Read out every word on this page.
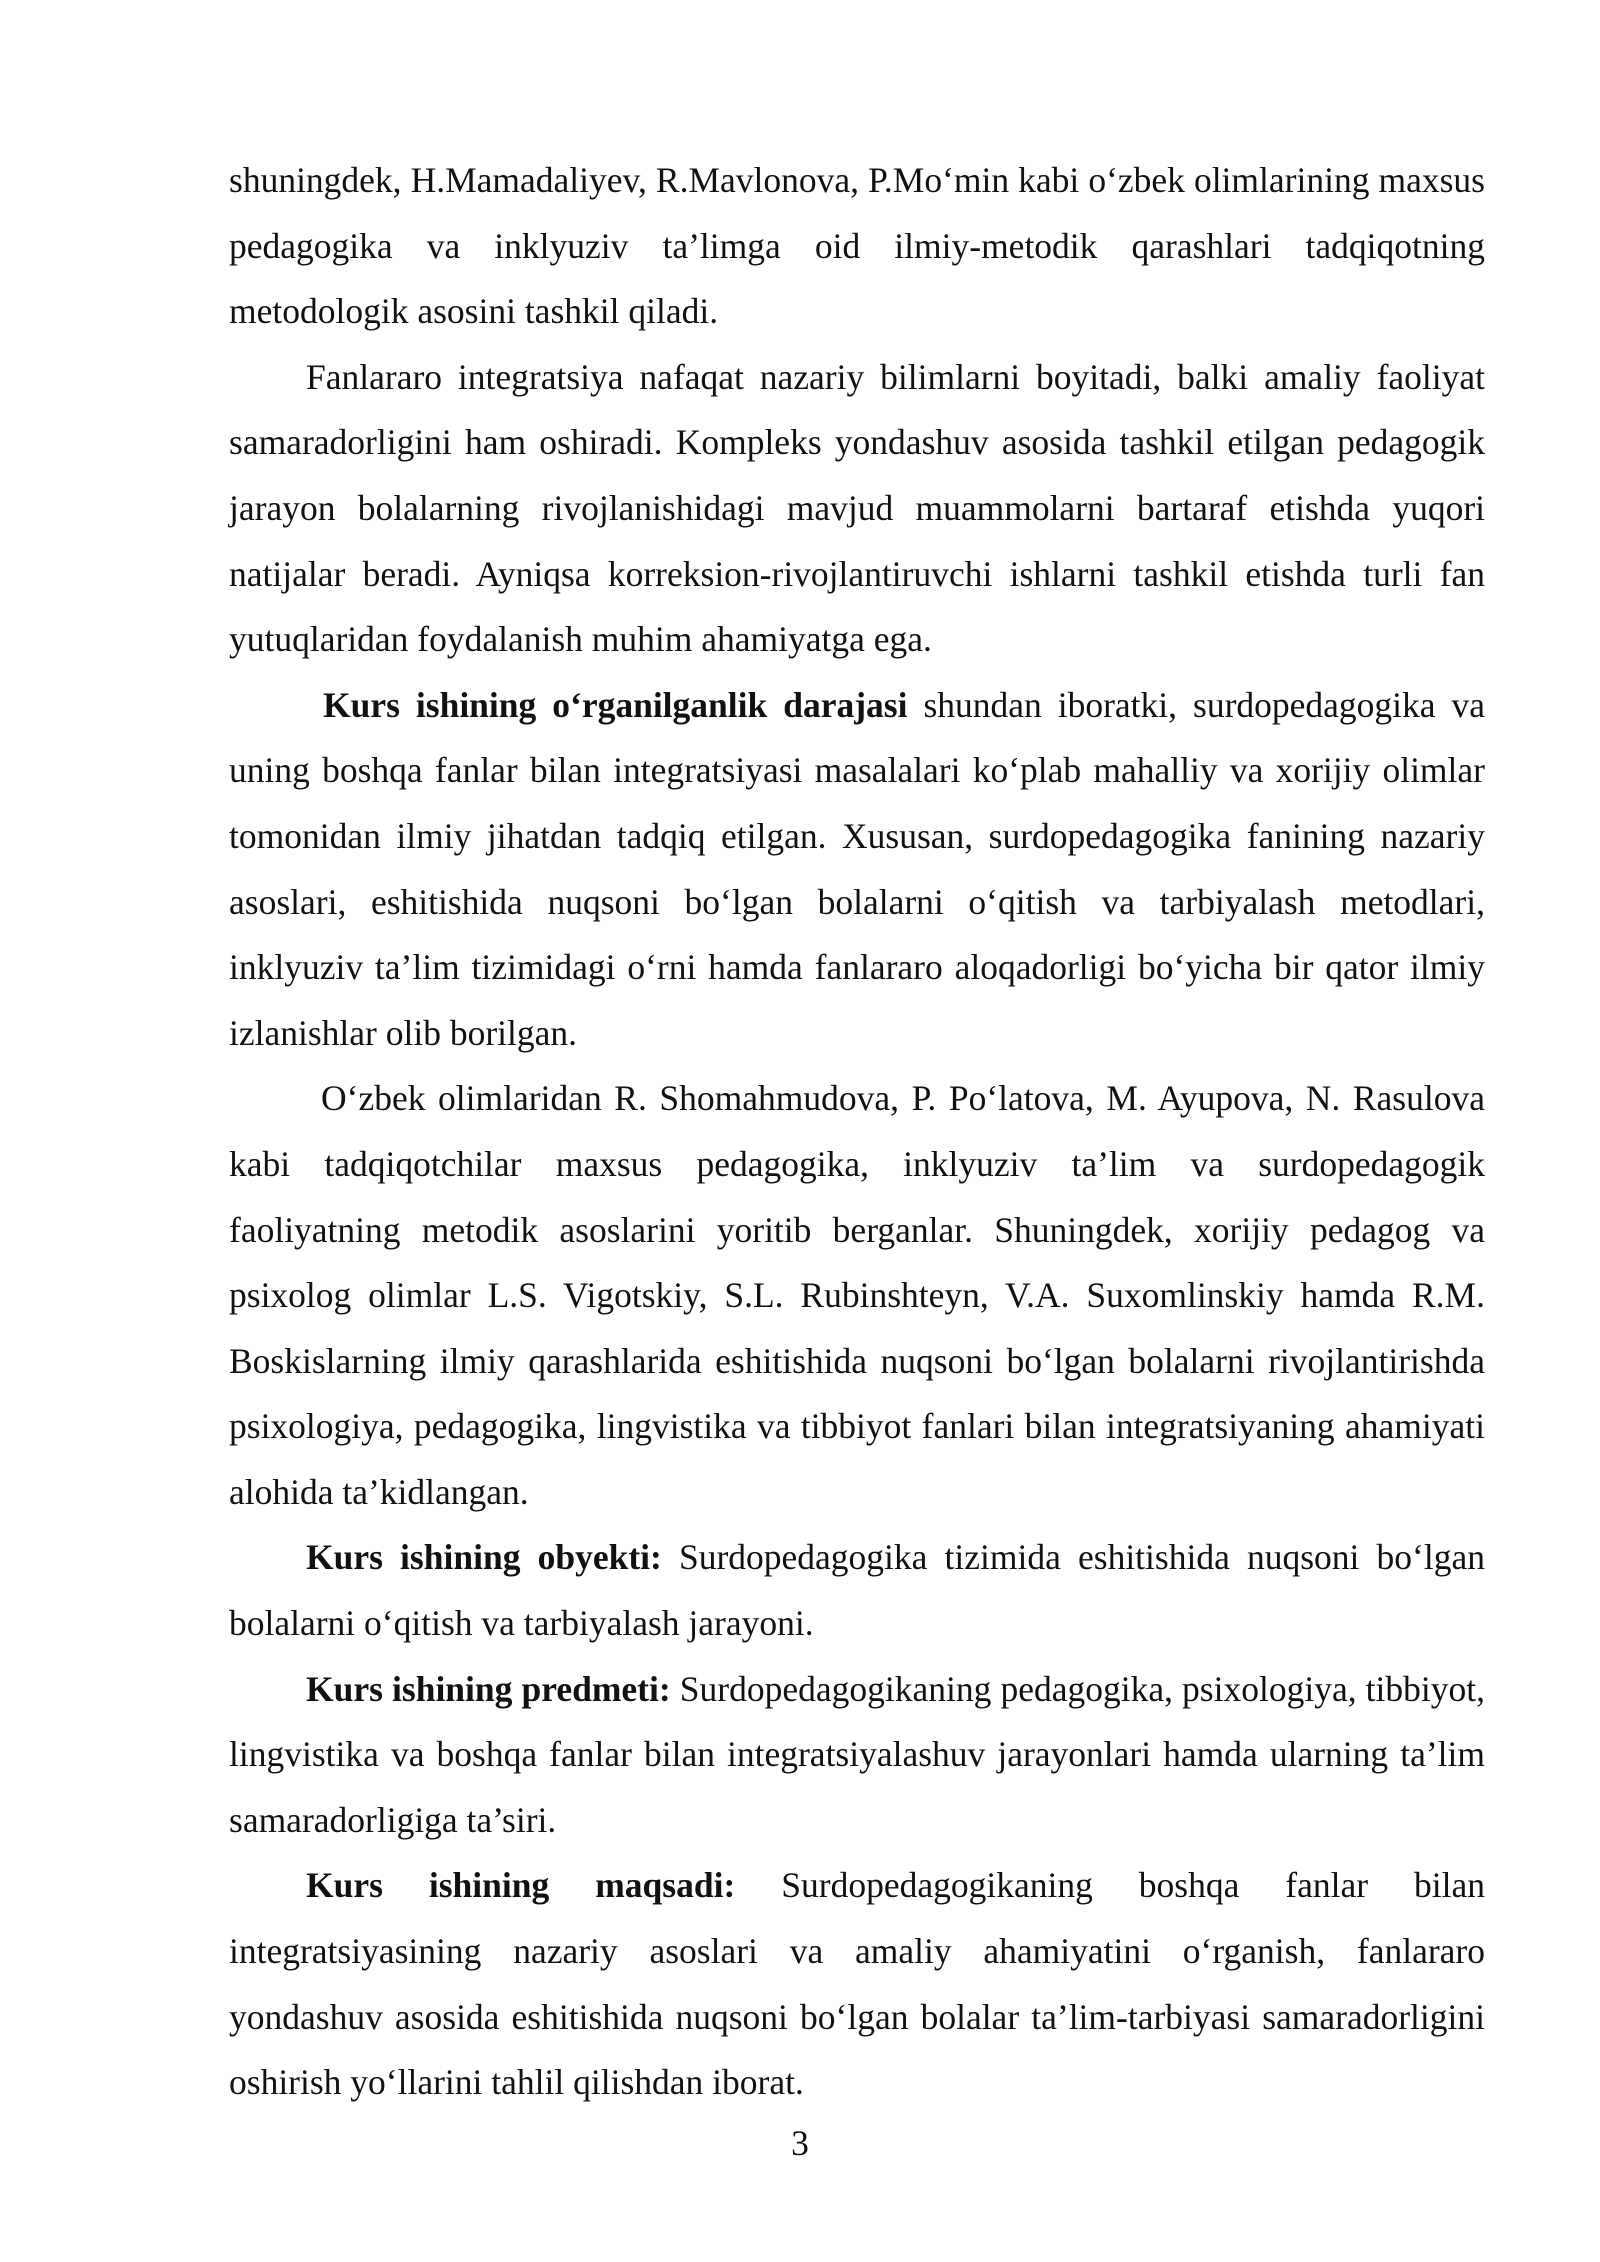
shuningdek, H.Mamadaliyev, R.Mavlonova, P.Mo‘min kabi o‘zbek olimlarining maxsus pedagogika va inklyuziv ta’limga oid ilmiy-metodik qarashlari tadqiqotning metodologik asosini tashkil qiladi.

Fanlararo integratsiya nafaqat nazariy bilimlarni boyitadi, balki amaliy faoliyat samaradorligini ham oshiradi. Kompleks yondashuv asosida tashkil etilgan pedagogik jarayon bolalarning rivojlanishidagi mavjud muammolarni bartaraf etishda yuqori natijalar beradi. Ayniqsa korreksion-rivojlantiruvchi ishlarni tashkil etishda turli fan yutuqlaridan foydalanish muhim ahamiyatga ega.

Kurs ishining o‘rganilganlik darajasi shundan iboratki, surdopedagogika va uning boshqa fanlar bilan integratsiyasi masalalari ko‘plab mahalliy va xorijiy olimlar tomonidan ilmiy jihatdan tadqiq etilgan. Xususan, surdopedagogika fanining nazariy asoslari, eshitishida nuqsoni bo‘lgan bolalarni o‘qitish va tarbiyalash metodlari, inklyuziv ta’lim tizimidagi o‘rni hamda fanlararo aloqadorligi bo‘yicha bir qator ilmiy izlanishlar olib borilgan.

O‘zbek olimlaridan R. Shomahmudova, P. Po‘latova, M. Ayupova, N. Rasulova kabi tadqiqotchilar maxsus pedagogika, inklyuziv ta’lim va surdopedagogik faoliyatning metodik asoslarini yoritib berganlar. Shuningdek, xorijiy pedagog va psixolog olimlar L.S. Vigotskiy, S.L. Rubinshteyn, V.A. Suxomlinskiy hamda R.M. Boskislarning ilmiy qarashlarida eshitishida nuqsoni bo‘lgan bolalarni rivojlantirishda psixologiya, pedagogika, lingvistika va tibbiyot fanlari bilan integratsiyaning ahamiyati alohida ta’kidlangan.

Kurs ishining obyekti: Surdopedagogika tizimida eshitishida nuqsoni bo‘lgan bolalarni o‘qitish va tarbiyalash jarayoni.

Kurs ishining predmeti: Surdopedagogikaning pedagogika, psixologiya, tibbiyot, lingvistika va boshqa fanlar bilan integratsiyalashuv jarayonlari hamda ularning ta’lim samaradorligiga ta’siri.

Kurs ishining maqsadi: Surdopedagogikaning boshqa fanlar bilan integratsiyasining nazariy asoslari va amaliy ahamiyatini o‘rganish, fanlararo yondashuv asosida eshitishida nuqsoni bo‘lgan bolalar ta’lim-tarbiyasi samaradorligini oshirish yo‘llarini tahlil qilishdan iborat.

3
